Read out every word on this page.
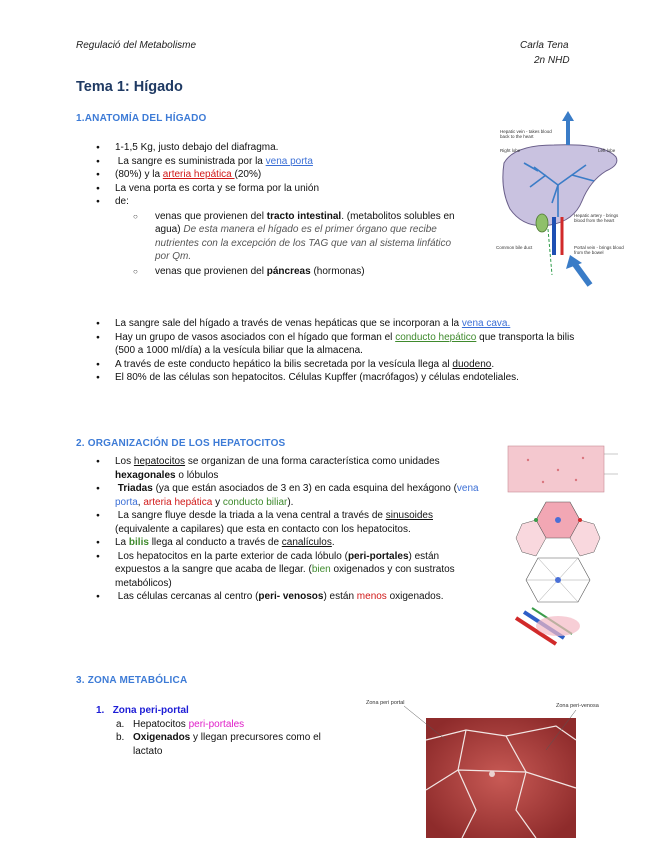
Regulació del Metabolisme	Carla Tena
2n NHD
Tema 1: Hígado
1.ANATOMÍA DEL HÍGADO
● 1-1,5 Kg, justo debajo del diafragma.
● La sangre es suministrada por la vena porta
● (80%) y la arteria hepática (20%)
● La vena porta es corta y se forma por la unión
● de:
○ venas que provienen del tracto intestinal. (metabolitos solubles en agua) De esta manera el hígado es el primer órgano que recibe nutrientes con la excepción de los TAG que van al sistema linfático por Qm.
○ venas que provienen del páncreas (hormonas)
● La sangre sale del hígado a través de venas hepáticas que se incorporan a la vena cava.
● Hay un grupo de vasos asociados con el hígado que forman el conducto hepático que transporta la bilis (500 a 1000 ml/día) a la vesícula biliar que la almacena.
● A través de este conducto hepático la bilis secretada por la vesícula llega al duodeno.
● El 80% de las células son hepatocitos. Células Kupffer (macrófagos) y células endoteliales.
Hepatic vein - takes blood back to the heart
Right lobe	Left lobe
Hepatic artery - brings blood from the heart
Common bile duct	Portal vein - brings blood from the bowel
2. ORGANIZACIÓN DE LOS HEPATOCITOS
● Los hepatocitos se organizan de una forma característica como unidades hexagonales o lóbulos
● Triadas (ya que están asociados de 3 en 3) en cada esquina del hexágono (vena porta, arteria hepática y conducto biliar).
● La sangre fluye desde la triada a la vena central a través de sinusoides (equivalente a capilares) que esta en contacto con los hepatocitos.
● La bilis llega al conducto a través de canalículos.
● Los hepatocitos en la parte exterior de cada lóbulo (peri-portales) están expuestos a la sangre que acaba de llegar. (bien oxigenados y con sustratos metabólicos)
● Las células cercanas al centro (peri- venosos) están menos oxigenados.
3. ZONA METABÓLICA
1. Zona peri-portal
a. Hepatocitos peri-portales
b. Oxigenados y llegan precursores como el lactato
Zona peri portal	Zona peri-venosa
